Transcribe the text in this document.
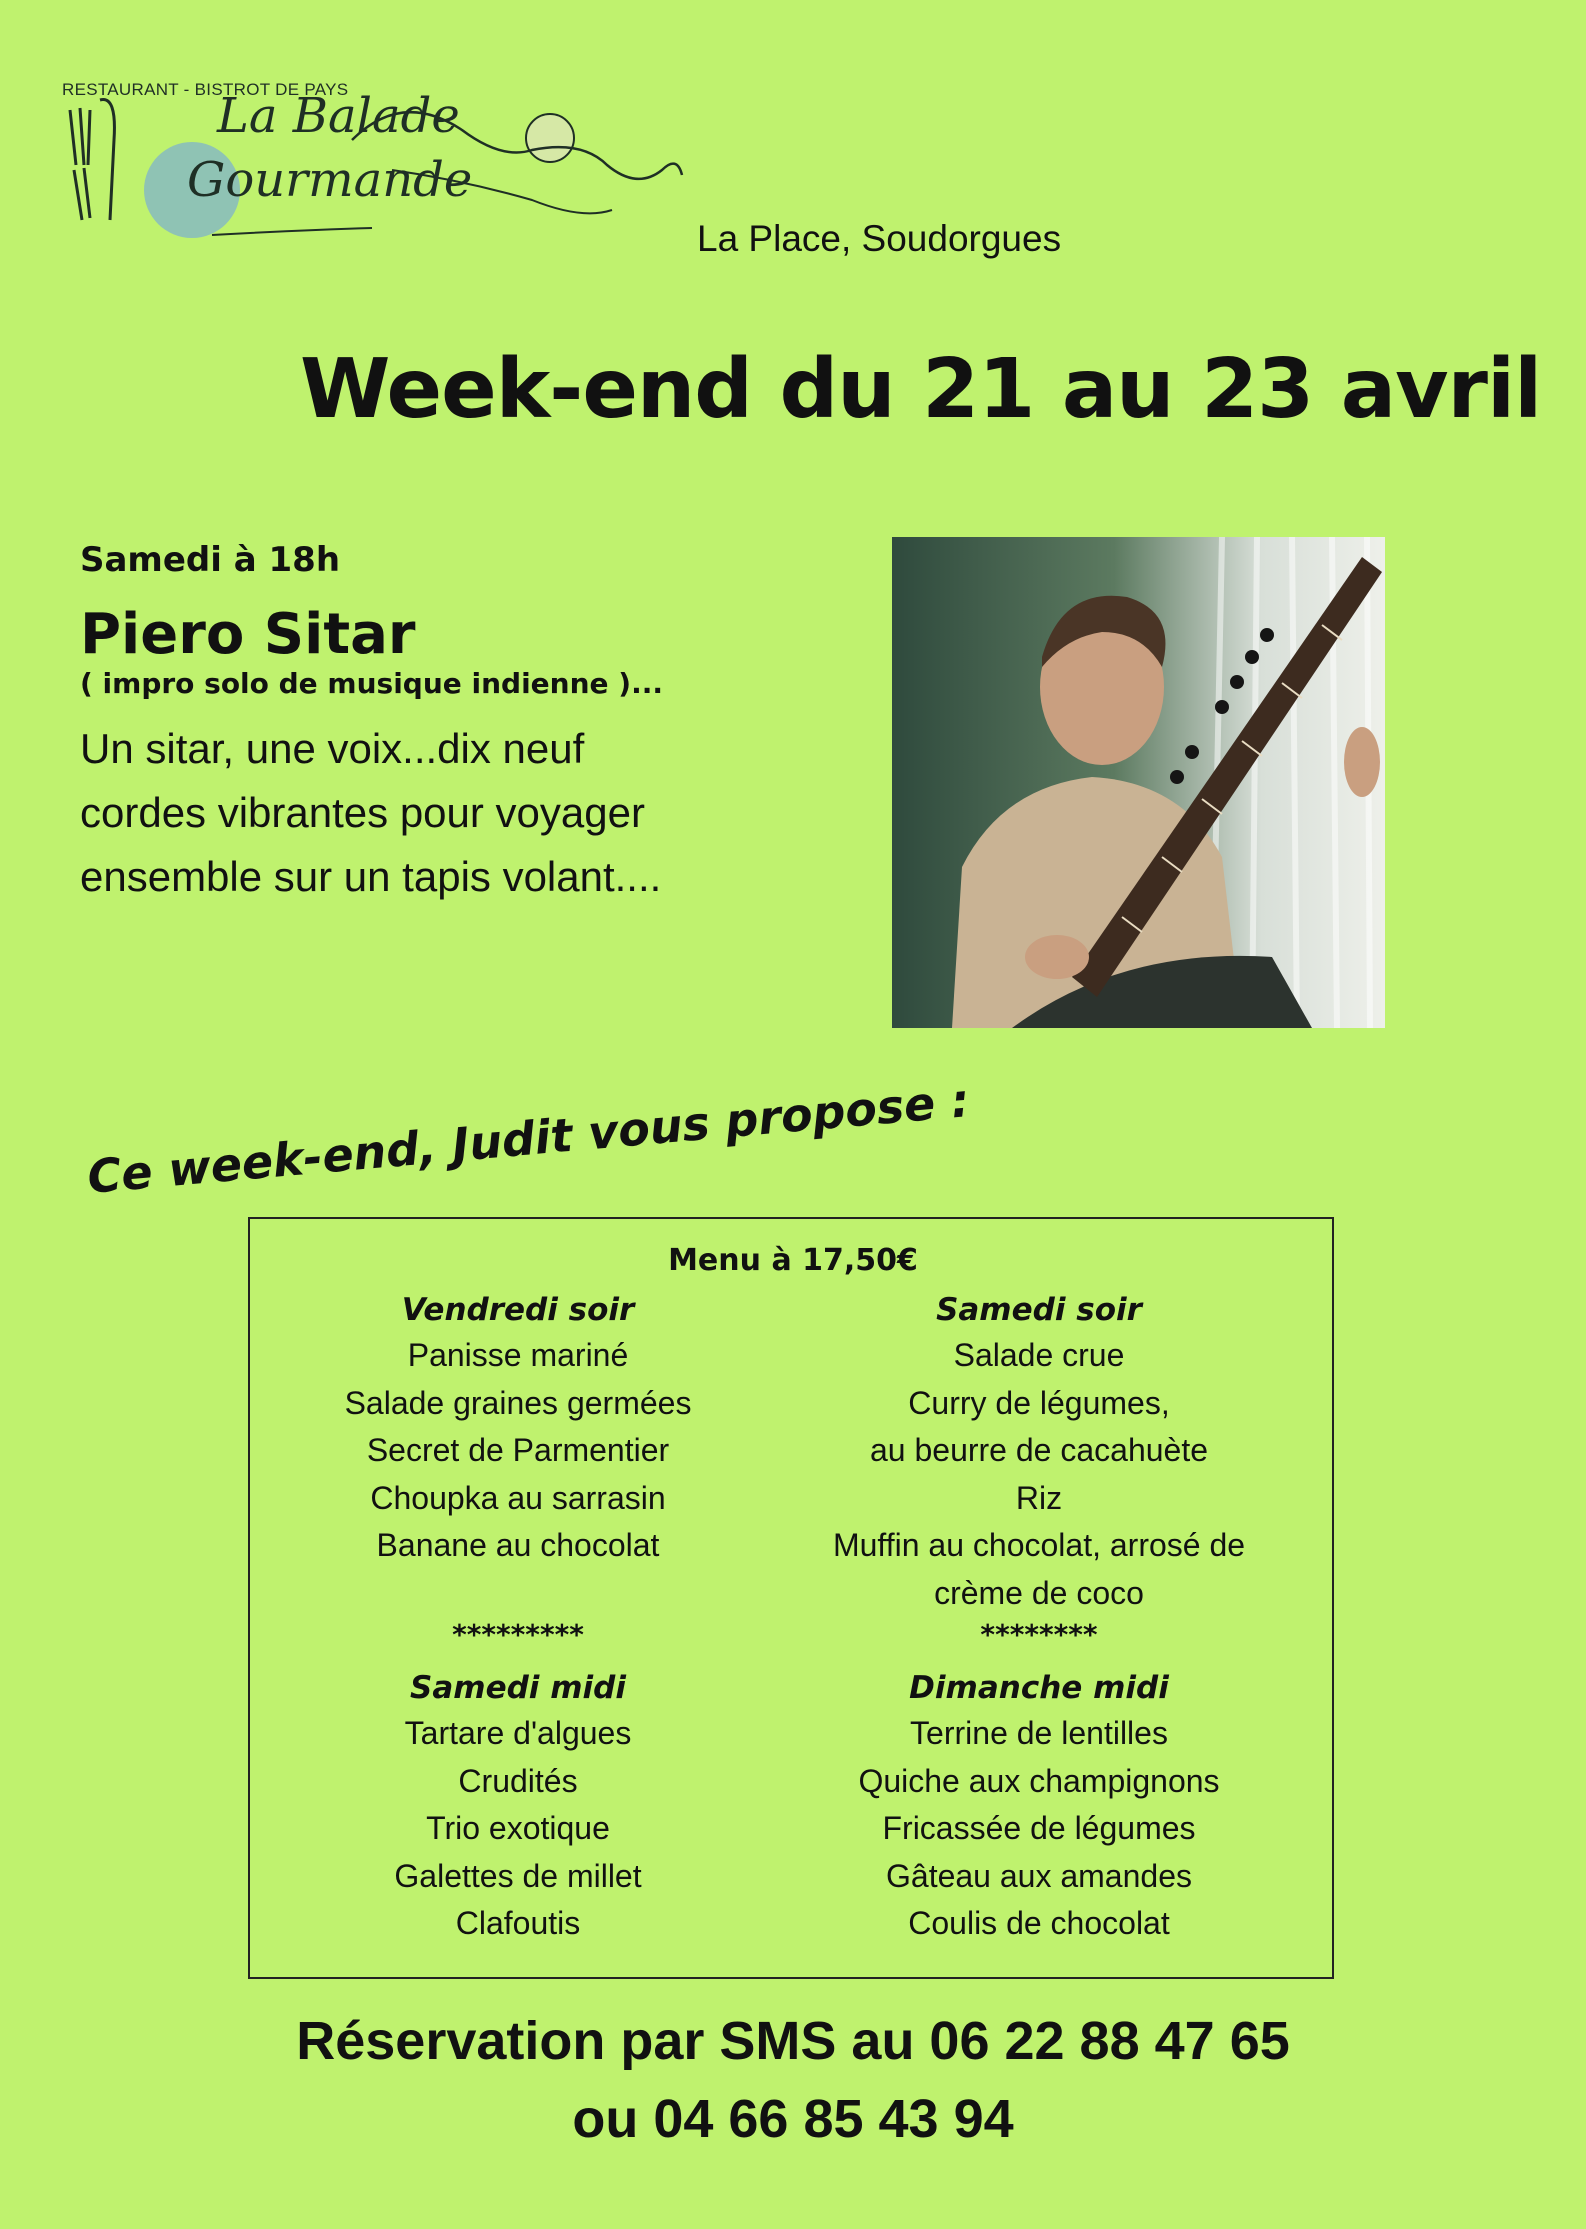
La Balade
Gourmande
RESTAURANT - BISTROT DE PAYS
La Place, Soudorgues
Week-end du 21 au 23 avril
Samedi à 18h
Piero Sitar
( impro solo de musique indienne )...
Un sitar, une voix...dix neuf
cordes vibrantes pour voyager
ensemble sur un tapis volant....
Ce week-end, Judit vous propose :
Menu à 17,50€
Vendredi soir
Panisse mariné
Salade graines germées
Secret de Parmentier
Choupka au sarrasin
Banane au chocolat
Samedi soir
Salade crue
Curry de légumes,
au beurre de cacahuète
Riz
Muffin au chocolat, arrosé de
crème de coco
*********	********
Samedi midi
Tartare d'algues
Crudités
Trio exotique
Galettes de millet
Clafoutis
Dimanche midi
Terrine de lentilles
Quiche aux champignons
Fricassée de légumes
Gâteau aux amandes
Coulis de chocolat
Réservation par SMS au 06 22 88 47 65
ou 04 66 85 43 94
